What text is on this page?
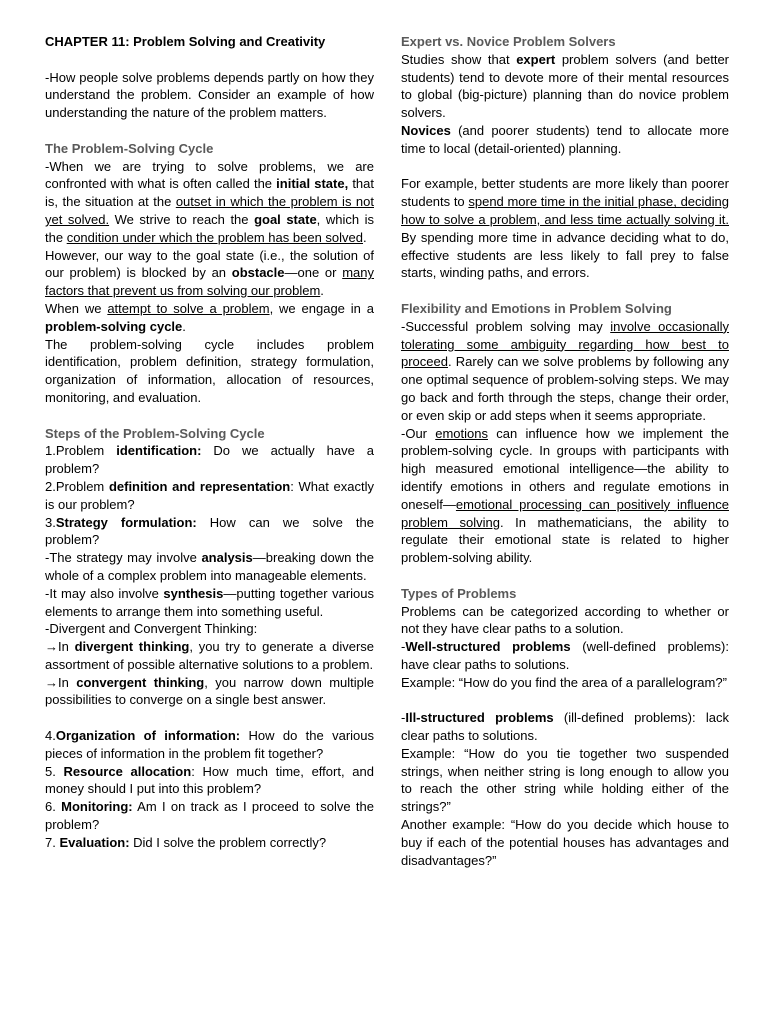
CHAPTER 11: Problem Solving and Creativity

-How people solve problems depends partly on how they understand the problem. Consider an example of how understanding the nature of the problem matters.

The Problem-Solving Cycle

-When we are trying to solve problems, we are confronted with what is often called the initial state, that is, the situation at the outset in which the problem is not yet solved. We strive to reach the goal state, which is the condition under which the problem has been solved.

However, our way to the goal state (i.e., the solution of our problem) is blocked by an obstacle—one or many factors that prevent us from solving our problem.

When we attempt to solve a problem, we engage in a problem-solving cycle.

The problem-solving cycle includes problem identification, problem definition, strategy formulation, organization of information, allocation of resources, monitoring, and evaluation.

Steps of the Problem-Solving Cycle

1.Problem identification: Do we actually have a problem?

2.Problem definition and representation: What exactly is our problem?

3.Strategy formulation: How can we solve the problem?

-The strategy may involve analysis—breaking down the whole of a complex problem into manageable elements.

-It may also involve synthesis—putting together various elements to arrange them into something useful.

-Divergent and Convergent Thinking:

→In divergent thinking, you try to generate a diverse assortment of possible alternative solutions to a problem.

→In convergent thinking, you narrow down multiple possibilities to converge on a single best answer.

4.Organization of information: How do the various pieces of information in the problem fit together?

5. Resource allocation: How much time, effort, and money should I put into this problem?

6. Monitoring: Am I on track as I proceed to solve the problem?

7. Evaluation: Did I solve the problem correctly?

Expert vs. Novice Problem Solvers

Studies show that expert problem solvers (and better students) tend to devote more of their mental resources to global (big-picture) planning than do novice problem solvers.

Novices (and poorer students) tend to allocate more time to local (detail-oriented) planning.

For example, better students are more likely than poorer students to spend more time in the initial phase, deciding how to solve a problem, and less time actually solving it. By spending more time in advance deciding what to do, effective students are less likely to fall prey to false starts, winding paths, and errors.

Flexibility and Emotions in Problem Solving

-Successful problem solving may involve occasionally tolerating some ambiguity regarding how best to proceed. Rarely can we solve problems by following any one optimal sequence of problem-solving steps. We may go back and forth through the steps, change their order, or even skip or add steps when it seems appropriate.

-Our emotions can influence how we implement the problem-solving cycle. In groups with participants with high measured emotional intelligence—the ability to identify emotions in others and regulate emotions in oneself—emotional processing can positively influence problem solving. In mathematicians, the ability to regulate their emotional state is related to higher problem-solving ability.

Types of Problems

Problems can be categorized according to whether or not they have clear paths to a solution.

-Well-structured problems (well-defined problems): have clear paths to solutions.

Example: “How do you find the area of a parallelogram?”

-Ill-structured problems (ill-defined problems): lack clear paths to solutions.

Example: “How do you tie together two suspended strings, when neither string is long enough to allow you to reach the other string while holding either of the strings?”

Another example: “How do you decide which house to buy if each of the potential houses has advantages and disadvantages?”
